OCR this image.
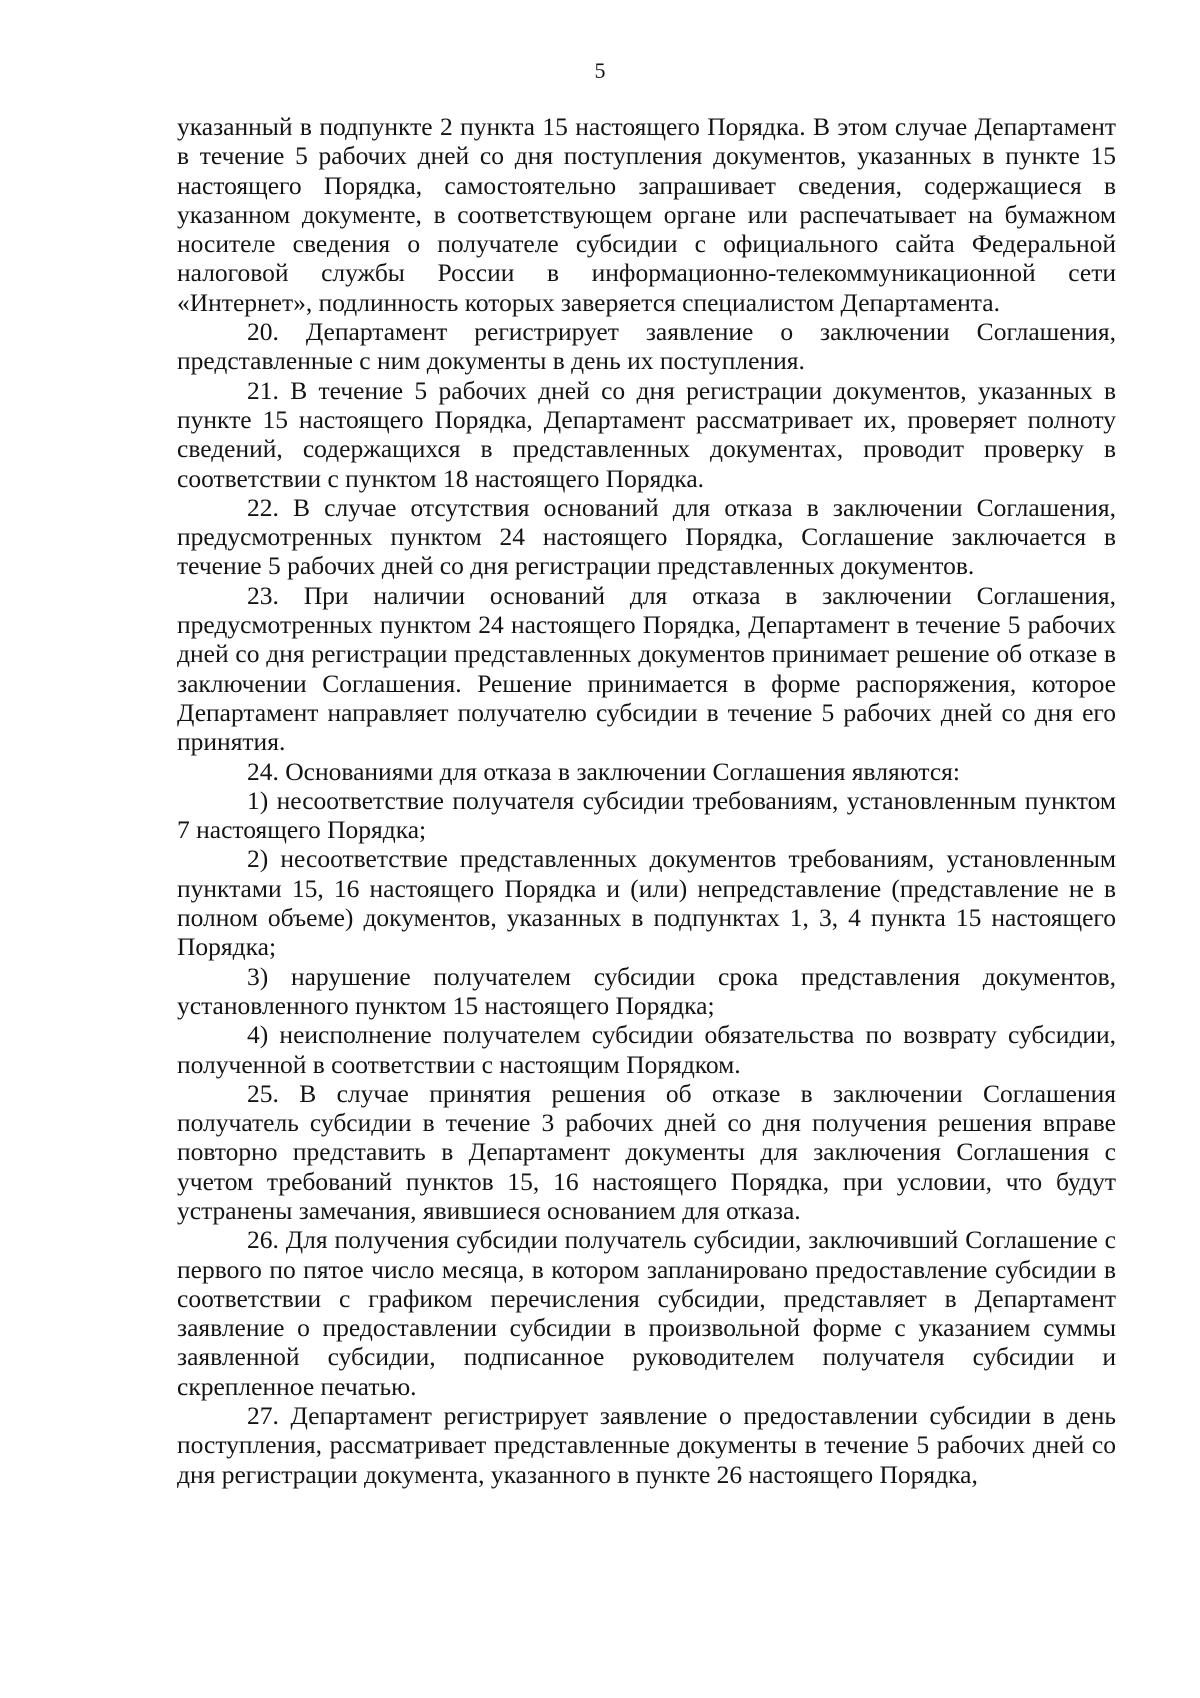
5

указанный в подпункте 2 пункта 15 настоящего Порядка. В этом случае Департамент в течение 5 рабочих дней со дня поступления документов, указанных в пункте 15 настоящего Порядка, самостоятельно запрашивает сведения, содержащиеся в указанном документе, в соответствующем органе или распечатывает на бумажном носителе сведения о получателе субсидии с официального сайта Федеральной налоговой службы России в информационно-телекоммуникационной сети «Интернет», подлинность которых заверяется специалистом Департамента.

20. Департамент регистрирует заявление о заключении Соглашения, представленные с ним документы в день их поступления.

21. В течение 5 рабочих дней со дня регистрации документов, указанных в пункте 15 настоящего Порядка, Департамент рассматривает их, проверяет полноту сведений, содержащихся в представленных документах, проводит проверку в соответствии с пунктом 18 настоящего Порядка.

22. В случае отсутствия оснований для отказа в заключении Соглашения, предусмотренных пунктом 24 настоящего Порядка, Соглашение заключается в течение 5 рабочих дней со дня регистрации представленных документов.

23. При наличии оснований для отказа в заключении Соглашения, предусмотренных пунктом 24 настоящего Порядка, Департамент в течение 5 рабочих дней со дня регистрации представленных документов принимает решение об отказе в заключении Соглашения. Решение принимается в форме распоряжения, которое Департамент направляет получателю субсидии в течение 5 рабочих дней со дня его принятия.

24. Основаниями для отказа в заключении Соглашения являются:

1) несоответствие получателя субсидии требованиям, установленным пунктом 7 настоящего Порядка;

2) несоответствие представленных документов требованиям, установленным пунктами 15, 16 настоящего Порядка и (или) непредставление (представление не в полном объеме) документов, указанных в подпунктах 1, 3, 4 пункта 15 настоящего Порядка;

3) нарушение получателем субсидии срока представления документов, установленного пунктом 15 настоящего Порядка;

4) неисполнение получателем субсидии обязательства по возврату субсидии, полученной в соответствии с настоящим Порядком.

25. В случае принятия решения об отказе в заключении Соглашения получатель субсидии в течение 3 рабочих дней со дня получения решения вправе повторно представить в Департамент документы для заключения Соглашения с учетом требований пунктов 15, 16 настоящего Порядка, при условии, что будут устранены замечания, явившиеся основанием для отказа.

26. Для получения субсидии получатель субсидии, заключивший Соглашение с первого по пятое число месяца, в котором запланировано предоставление субсидии в соответствии с графиком перечисления субсидии, представляет в Департамент заявление о предоставлении субсидии в произвольной форме с указанием суммы заявленной субсидии, подписанное руководителем получателя субсидии и скрепленное печатью.

27. Департамент регистрирует заявление о предоставлении субсидии в день поступления, рассматривает представленные документы в течение 5 рабочих дней со дня регистрации документа, указанного в пункте 26 настоящего Порядка,
